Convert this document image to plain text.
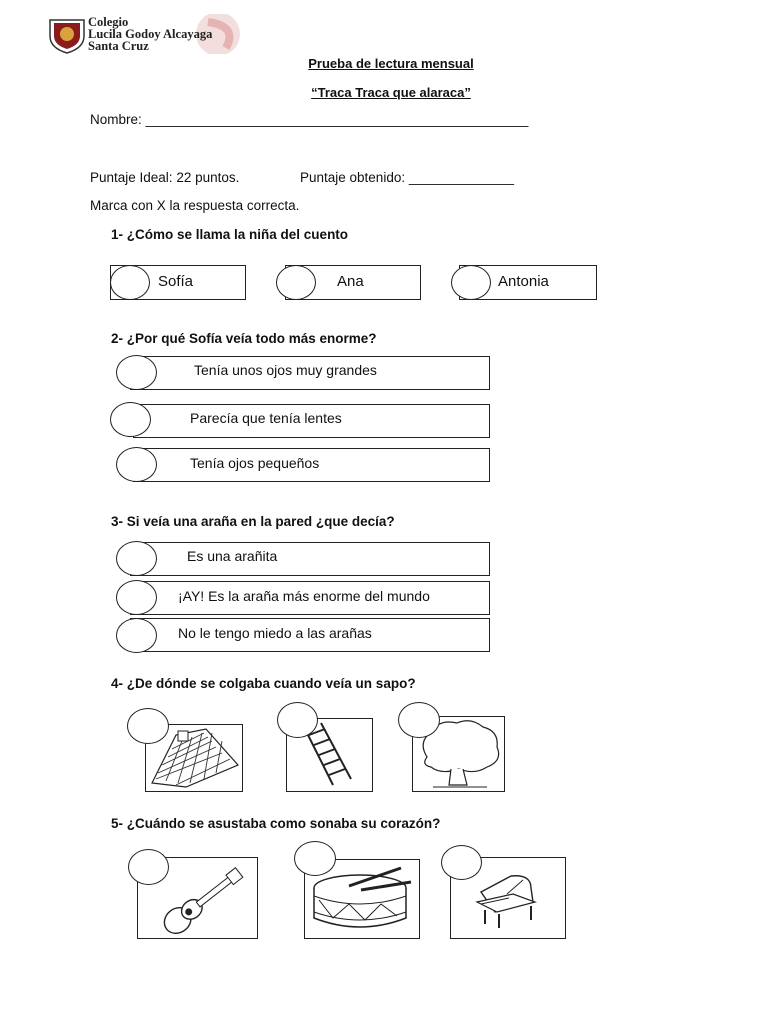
Colegio
Lucila Godoy Alcayaga
Santa Cruz
Prueba de lectura mensual
“Traca Traca que alaraca”
Nombre: ___________________________________________________
Puntaje Ideal: 22 puntos.	Puntaje obtenido: ______________
Marca con X la respuesta correcta.
1- ¿Cómo se llama la niña del cuento
Sofía	Ana	Antonia
2- ¿Por qué Sofía veía todo más enorme?
Tenía unos ojos muy grandes
Parecía que tenía lentes
Tenía ojos pequeños
3- Si veía una araña en la pared ¿que decía?
Es una arañita
¡AY! Es la araña más enorme del mundo
No le tengo miedo a las arañas
4- ¿De dónde se colgaba cuando veía un sapo?
5- ¿Cuándo se asustaba como sonaba su corazón?
